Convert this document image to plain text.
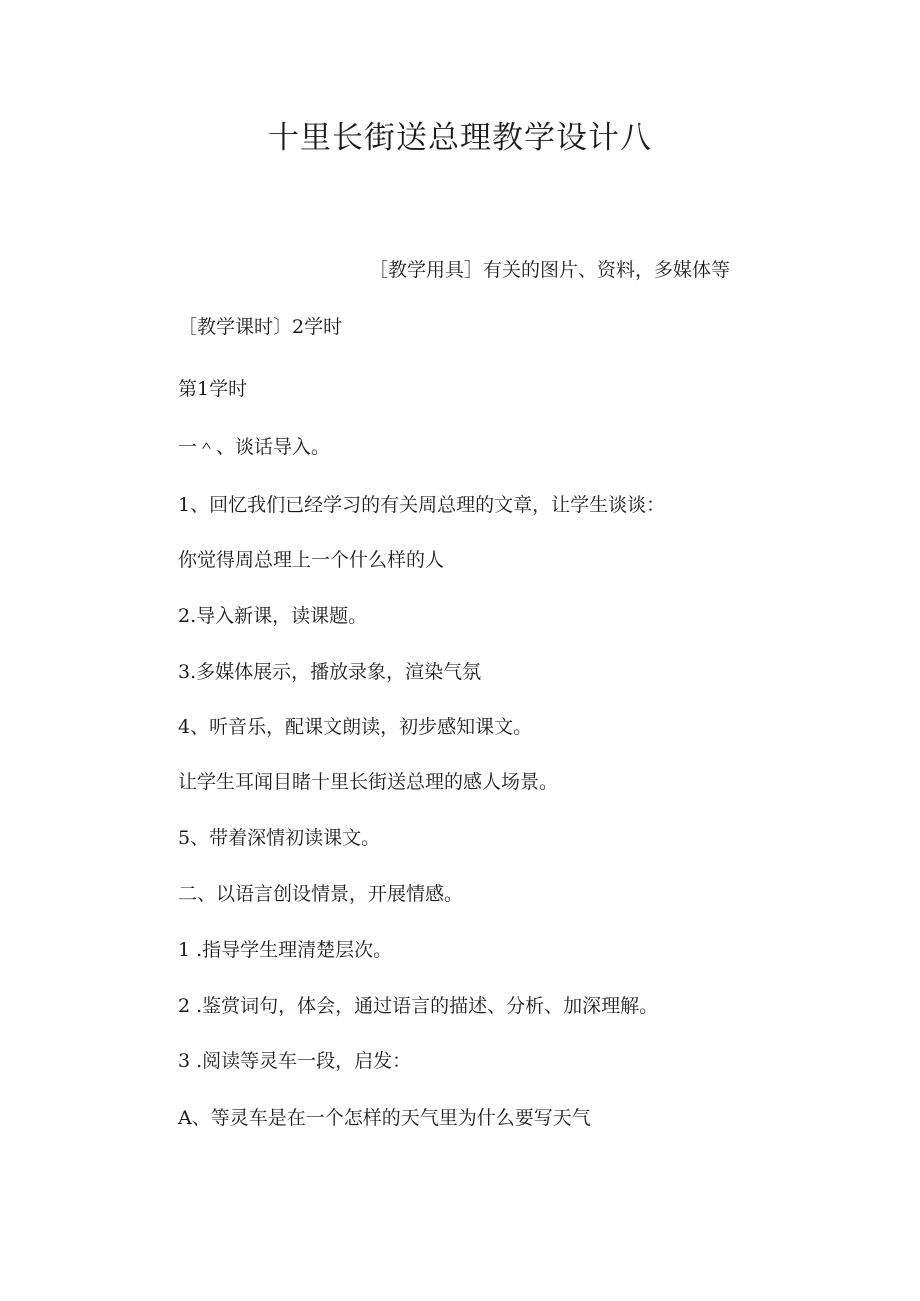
十里长街送总理教学设计八
［教学用具］有关的图片、资料，多媒体等
［教学课时〕2学时
第1学时
一＾、谈话导入。
1、回忆我们已经学习的有关周总理的文章，让学生谈谈：
你觉得周总理上一个什么样的人
2.导入新课，读课题。
3.多媒体展示，播放录象，渲染气氛
4、听音乐，配课文朗读，初步感知课文。
让学生耳闻目睹十里长街送总理的感人场景。
5、带着深情初读课文。
二、以语言创设情景，开展情感。
1 .指导学生理清楚层次。
2 .鉴赏词句，体会，通过语言的描述、分析、加深理解。
3 .阅读等灵车一段，启发：
A、等灵车是在一个怎样的天气里为什么要写天气
